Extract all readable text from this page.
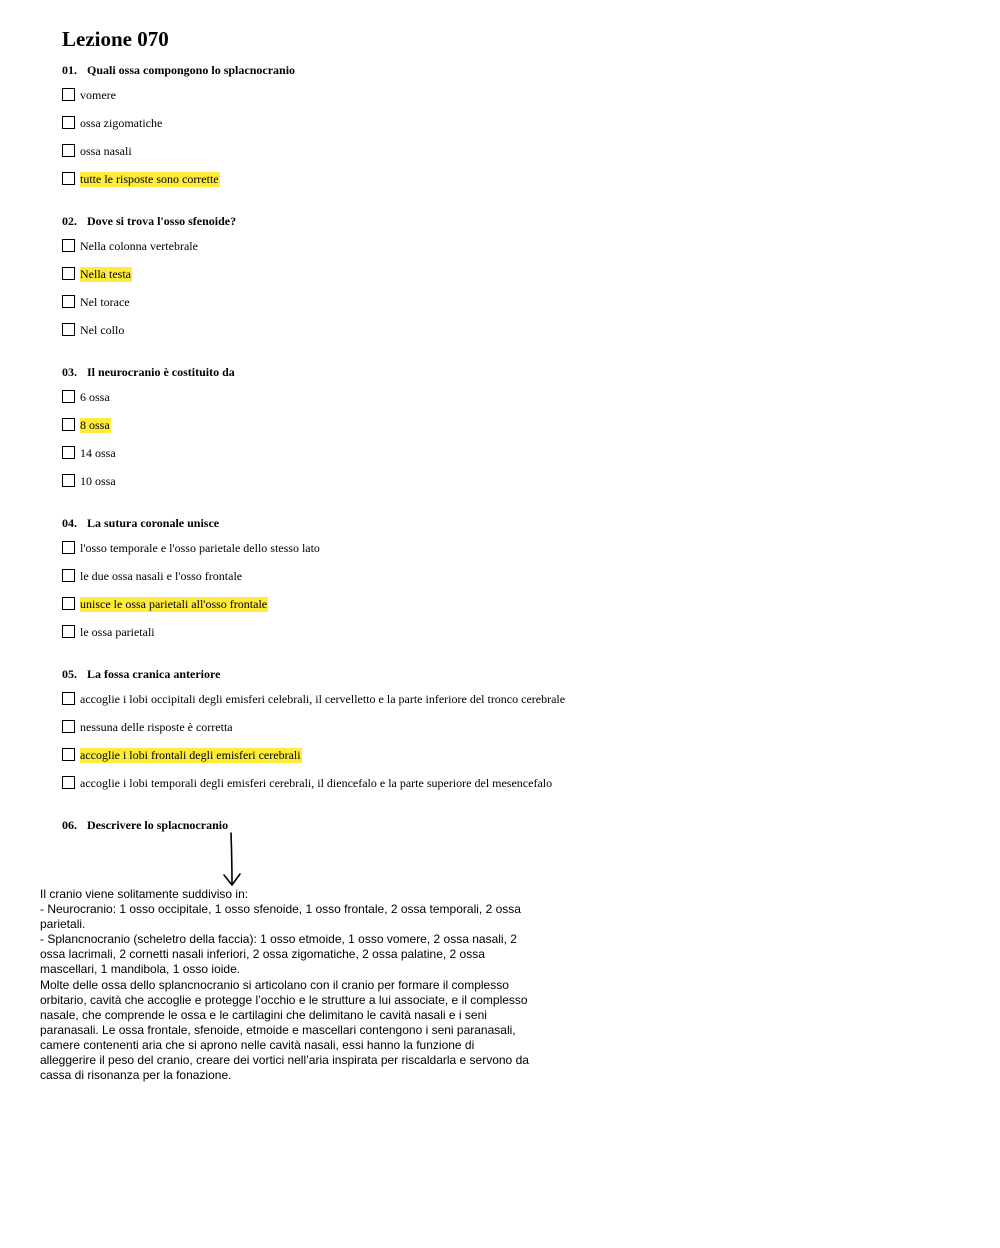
Lezione 070
01. Quali ossa compongono lo splacnocranio
vomere
ossa zigomatiche
ossa nasali
tutte le risposte sono corrette
02. Dove si trova l'osso sfenoide?
Nella colonna vertebrale
Nella testa
Nel torace
Nel collo
03. Il neurocranio è costituito da
6 ossa
8 ossa
14 ossa
10 ossa
04. La sutura coronale unisce
l'osso temporale e l'osso parietale dello stesso lato
le due ossa nasali e l'osso frontale
unisce le ossa parietali all'osso frontale
le ossa parietali
05. La fossa cranica anteriore
accoglie i lobi occipitali degli emisferi celebrali, il cervelletto e la parte inferiore del tronco cerebrale
nessuna delle risposte è corretta
accoglie i lobi frontali degli emisferi cerebrali
accoglie i lobi temporali degli emisferi cerebrali, il diencefalo e la parte superiore del mesencefalo
06. Descrivere lo splacnocranio
Il cranio viene solitamente suddiviso in:
- Neurocranio: 1 osso occipitale, 1 osso sfenoide, 1 osso frontale, 2 ossa temporali, 2 ossa parietali.
- Splancnocranio (scheletro della faccia): 1 osso etmoide, 1 osso vomere, 2 ossa nasali, 2 ossa lacrimali, 2 cornetti nasali inferiori, 2 ossa zigomatiche, 2 ossa palatine, 2 ossa mascellari, 1 mandibola, 1 osso ioide.
Molte delle ossa dello splancnocranio si articolano con il cranio per formare il complesso orbitario, cavità che accoglie e protegge l’occhio e le strutture a lui associate, e il complesso nasale, che comprende le ossa e le cartilagini che delimitano le cavità nasali e i seni paranasali. Le ossa frontale, sfenoide, etmoide e mascellari contengono i seni paranasali, camere contenenti aria che si aprono nelle cavità nasali, essi hanno la funzione di alleggerire il peso del cranio, creare dei vortici nell’aria inspirata per riscaldarla e servono da cassa di risonanza per la fonazione.
